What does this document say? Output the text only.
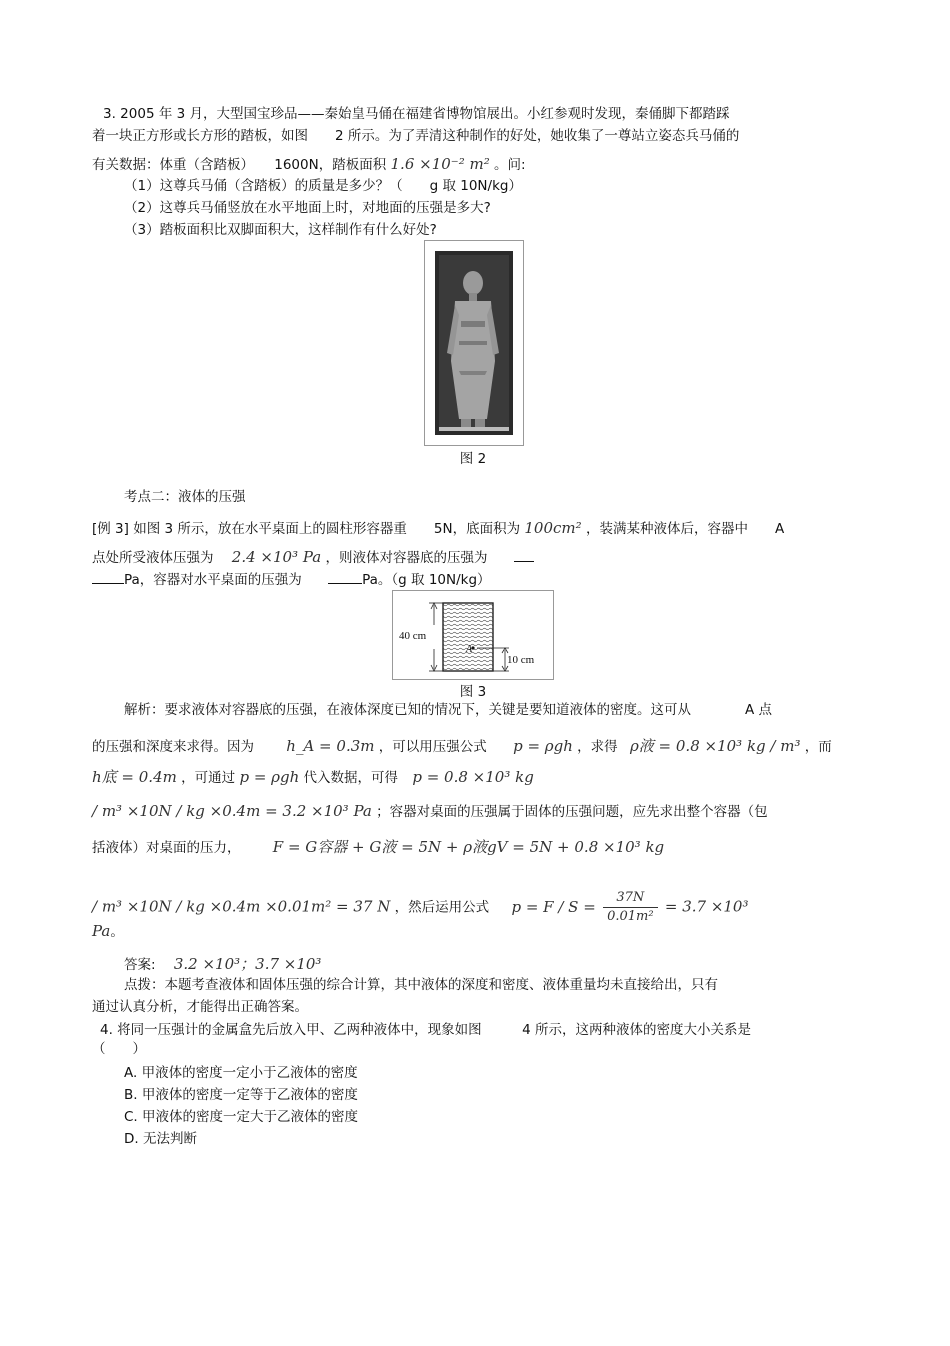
3. 2005 年 3 月，大型国宝珍品——秦始皇马俑在福建省博物馆展出。小红参观时发现，秦俑脚下都踏踩
着一块正方形或长方形的踏板，如图　　2 所示。为了弄清这种制作的好处，她收集了一尊站立姿态兵马俑的
有关数据：体重（含踏板）　　1600N，踏板面积 1.6 ×10⁻² m² 。问:
（1）这尊兵马俑（含踏板）的质量是多少？（　　g 取 10N/kg）
（2）这尊兵马俑竖放在水平地面上时，对地面的压强是多大?
（3）踏板面积比双脚面积大，这样制作有什么好处?
图 2
考点二：液体的压强
[例 3] 如图 3 所示，放在水平桌面上的圆柱形容器重　　5N，底面积为 100cm² ，装满某种液体后，容器中　　A
点处所受液体压强为 2.4 ×10³ Pa ，则液体对容器底的压强为
Pa，容器对水平桌面的压强为	Pa。（g 取 10N/kg）
40 cm
A
10 cm
图 3
解析：要求液体对容器底的压强，在液体深度已知的情况下，关键是要知道液体的密度。这可从　　　　A 点
的压强和深度来求得。因为 h_A = 0.3m ，可以用压强公式 p = ρgh ，求得 ρ液 = 0.8 ×10³ kg / m³ ，而
h底 = 0.4m ，可通过 p = ρgh 代入数据，可得 p = 0.8 ×10³ kg
/ m³ ×10N / kg ×0.4m = 3.2 ×10³ Pa ；容器对桌面的压强属于固体的压强问题，应先求出整个容器（包
括液体）对桌面的压力， F = G容器 + G液 = 5N + ρ液gV = 5N + 0.8 ×10³ kg
/ m³ ×10N / kg ×0.4m ×0.01m² = 37 N ，然后运用公式 $p = F / S = \frac{37N}{\text{0.01m²}} = 3.7 \times 10^3$
Pa。
答案: 3.2 ×10³；3.7 ×10³
点拨：本题考查液体和固体压强的综合计算，其中液体的深度和密度、液体重量均未直接给出，只有
通过认真分析，才能得出正确答案。
4. 将同一压强计的金属盒先后放入甲、乙两种液体中，现象如图　　　4 所示，这两种液体的密度大小关系是
（　　）
A. 甲液体的密度一定小于乙液体的密度
B. 甲液体的密度一定等于乙液体的密度
C. 甲液体的密度一定大于乙液体的密度
D. 无法判断
